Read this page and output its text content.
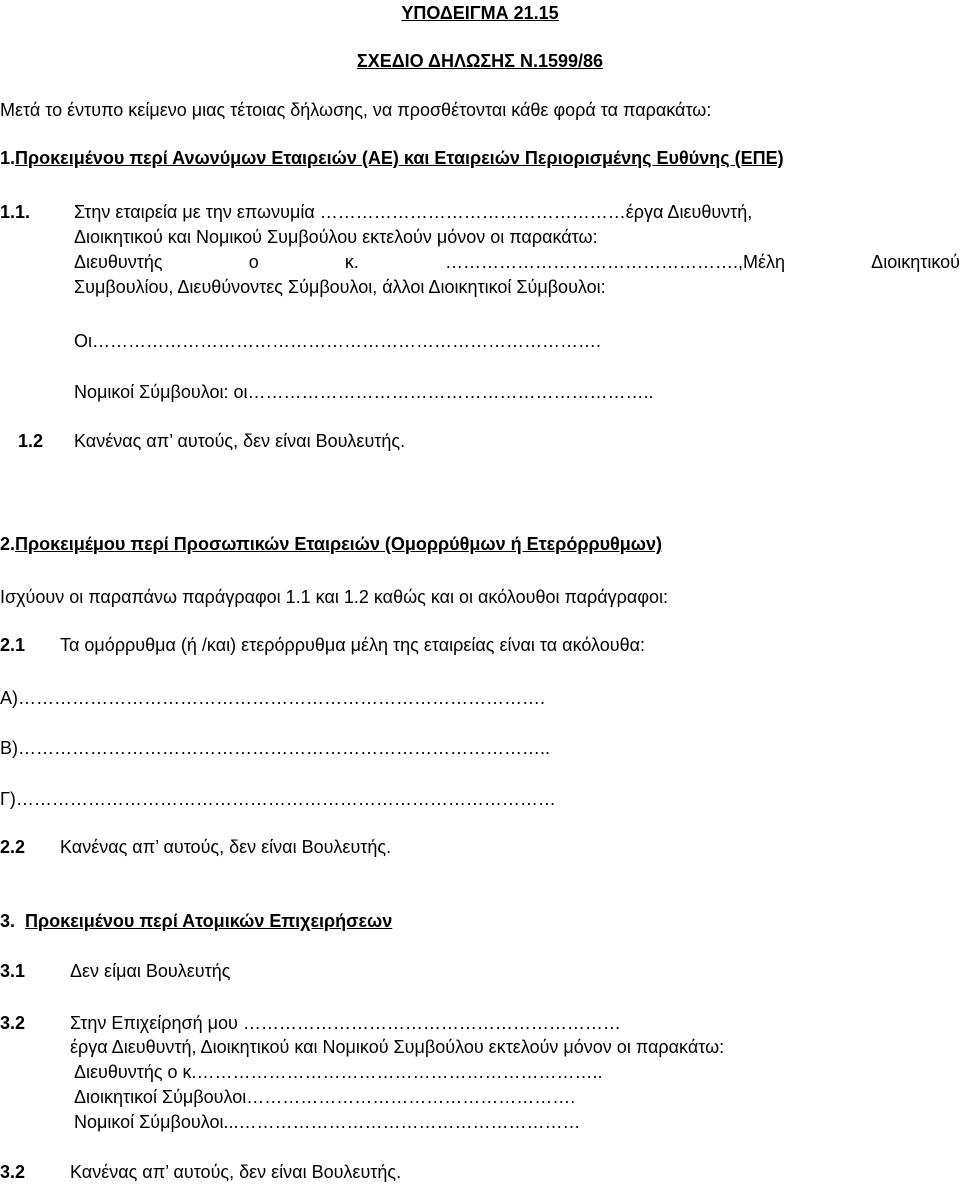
ΥΠΟΔΕΙΓΜΑ 21.15
ΣΧΕΔΙΟ ΔΗΛΩΣΗΣ Ν.1599/86
Μετά το έντυπο κείμενο μιας τέτοιας δήλωσης, να προσθέτονται κάθε φορά τα παρακάτω:
1.Προκειμένου περί Ανωνύμων Εταιρειών (ΑΕ) και Εταιρειών Περιορισμένης Ευθύνης (ΕΠΕ)
1.1. Στην εταιρεία με την επωνυμία ……………………………………………έργα Διευθυντή,
Διοικητικού και Νομικού Συμβούλου εκτελούν μόνον οι παρακάτω:
Διευθυντής	ο	κ.	………………………………………….,Μέλη	Διοικητικού
Συμβουλίου, Διευθύνοντες Σύμβουλοι, άλλοι Διοικητικοί Σύμβουλοι:
Οι………………………………………………………………………….
Νομικοί Σύμβουλοι: οι…………………………………………………………..
1.2 Κανένας απ’ αυτούς, δεν είναι Βουλευτής.
2.Προκειμέμου περί Προσωπικών Εταιρειών (Ομορρύθμων ή Ετερόρρυθμων)
Ισχύουν οι παραπάνω παράγραφοι 1.1 και 1.2 καθώς και οι ακόλουθοι παράγραφοι:
2.1 Τα ομόρρυθμα (ή /και) ετερόρρυθμα μέλη της εταιρείας είναι τα ακόλουθα:
Α)…………………………………………………………………………….
Β)……………………………………………………………………………..
Γ)………………………………………………………………………………
2.2 Κανένας απ’ αυτούς, δεν είναι Βουλευτής.
3. Προκειμένου περί Ατομικών Επιχειρήσεων
3.1 Δεν είμαι Βουλευτής
3.2 Στην Επιχείρησή μου ………………………………………………………
έργα Διευθυντή, Διοικητικού και Νομικού Συμβούλου εκτελούν μόνον οι παρακάτω:
Διευθυντής ο κ.…………………………………………………………..
Διοικητικοί Σύμβουλοι……………………………………………….
Νομικοί Σύμβουλοι...…………………………………………………
3.2 Κανένας απ’ αυτούς, δεν είναι Βουλευτής.
